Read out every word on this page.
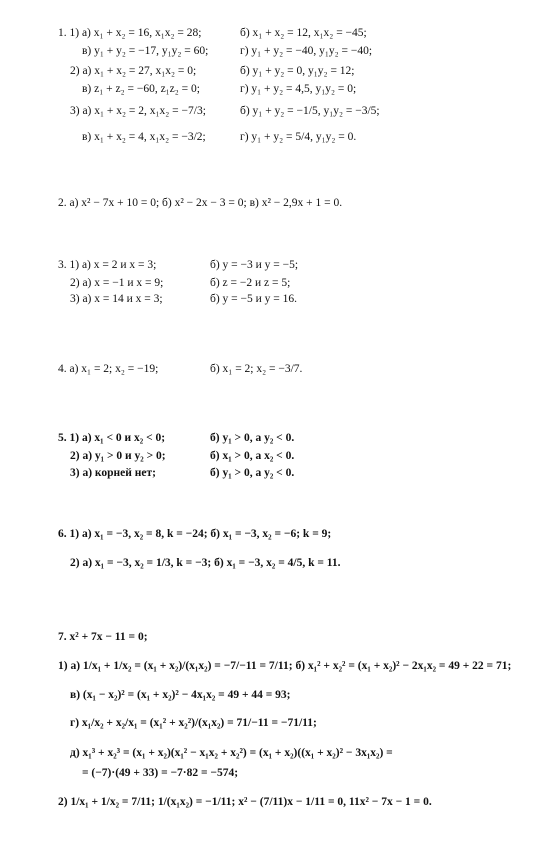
1. 1) а) x₁ + x₂ = 16, x₁x₂ = 28;	б) x₁ + x₂ = 12, x₁x₂ = −45;
в) y₁ + y₂ = −17, y₁y₂ = 60;	г) y₁ + y₂ = −40, y₁y₂ = −40;
2) а) x₁ + x₂ = 27, x₁x₂ = 0;	б) y₁ + y₂ = 0, y₁y₂ = 12;
в) z₁ + z₂ = −60, z₁z₂ = 0;	г) y₁ + y₂ = 4,5, y₁y₂ = 0;
3) а) x₁ + x₂ = 2, x₁x₂ = −7/3;	б) y₁ + y₂ = −1/5, y₁y₂ = −3/5;
в) x₁ + x₂ = 4, x₁x₂ = −3/2;	г) y₁ + y₂ = 5/4, y₁y₂ = 0.
2. а) x² − 7x + 10 = 0; б) x² − 2x − 3 = 0; в) x² − 2,9x + 1 = 0.
3. 1) а) x = 2 и x = 3;	б) y = −3 и y = −5;
2) а) x = −1 и x = 9;	б) z = −2 и z = 5;
3) а) x = 14 и x = 3;	б) y = −5 и y = 16.
4. а) x₁ = 2; x₂ = −19;	б) x₁ = 2; x₂ = −3/7.
5. 1) а) x₁ < 0 и x₂ < 0;	б) y₁ > 0, а y₂ < 0.
2) а) y₁ > 0 и y₂ > 0;	б) x₁ > 0, а x₂ < 0.
3) а) корней нет;	б) y₁ > 0, а y₂ < 0.
6. 1) а) x₁ = −3, x₂ = 8, k = −24; б) x₁ = −3, x₂ = −6; k = 9;
2) а) x₁ = −3, x₂ = 1/3, k = −3; б) x₁ = −3, x₂ = 4/5, k = 11.
7. x² + 7x − 11 = 0;
1) а) 1/x₁ + 1/x₂ = (x₁ + x₂)/(x₁x₂) = −7/−11 = 7/11; б) x₁² + x₂² = (x₁ + x₂)² − 2x₁x₂ = 49 + 22 = 71;
в) (x₁ − x₂)² = (x₁ + x₂)² − 4x₁x₂ = 49 + 44 = 93;
г) x₁/x₂ + x₂/x₁ = (x₁² + x₂²)/(x₁x₂) = 71/−11 = −71/11;
д) x₁³ + x₂³ = (x₁ + x₂)(x₁² − x₁x₂ + x₂²) = (x₁ + x₂)((x₁ + x₂)² − 3x₁x₂) =
= (−7)·(49 + 33) = −7·82 = −574;
2) 1/x₁ + 1/x₂ = 7/11; 1/(x₁x₂) = −1/11; x² − (7/11)x − 1/11 = 0, 11x² − 7x − 1 = 0.
